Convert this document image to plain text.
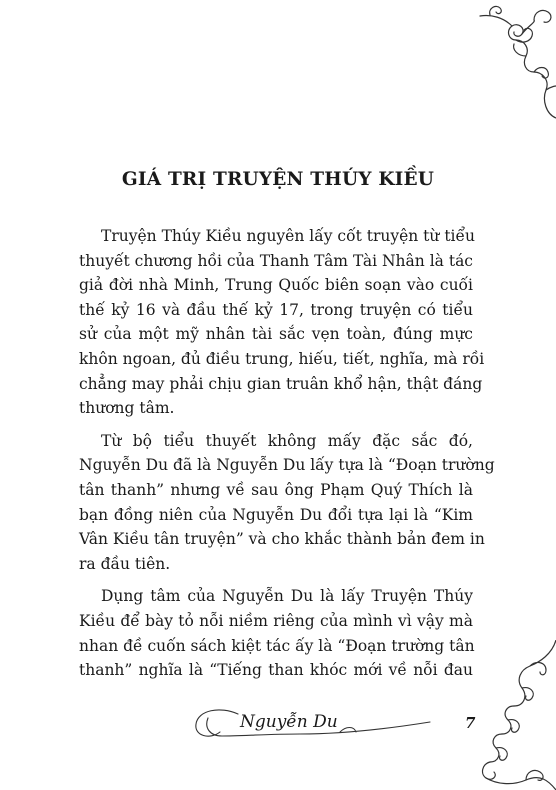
GIÁ TRỊ TRUYỆN THÚY KIỀU

Truyện Thúy Kiều nguyên lấy cốt truyện từ tiểu
thuyết chương hồi của Thanh Tâm Tài Nhân là tác
giả đời nhà Minh, Trung Quốc biên soạn vào cuối
thế kỷ 16 và đầu thế kỷ 17, trong truyện có tiểu
sử của một mỹ nhân tài sắc vẹn toàn, đúng mực
khôn ngoan, đủ điều trung, hiếu, tiết, nghĩa, mà rồi
chẳng may phải chịu gian truân khổ hận, thật đáng
thương tâm.

Từ bộ tiểu thuyết không mấy đặc sắc đó,
Nguyễn Du đã là Nguyễn Du lấy tựa là “Đoạn trường
tân thanh” nhưng về sau ông Phạm Quý Thích là
bạn đồng niên của Nguyễn Du đổi tựa lại là “Kim
Vân Kiều tân truyện” và cho khắc thành bản đem in
ra đầu tiên.

Dụng tâm của Nguyễn Du là lấy Truyện Thúy
Kiều để bày tỏ nỗi niềm riêng của mình vì vậy mà
nhan đề cuốn sách kiệt tác ấy là “Đoạn trường tân
thanh” nghĩa là “Tiếng than khóc mới về nỗi đau

Nguyễn Du	7
